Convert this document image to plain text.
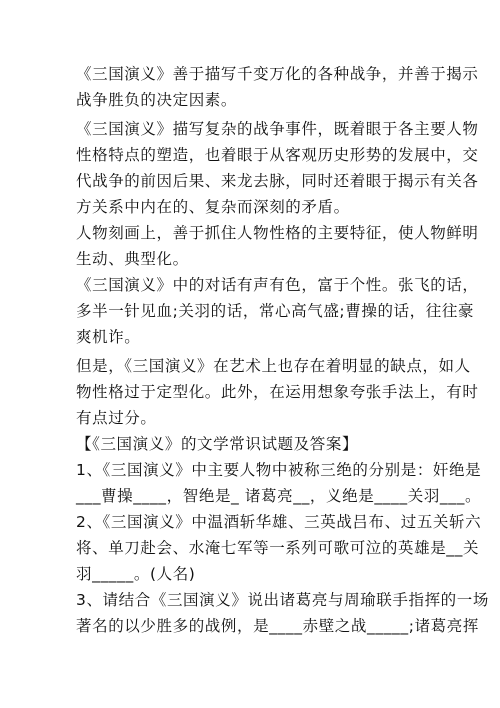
《三国演义》善于描写千变万化的各种战争，并善于揭示
战争胜负的决定因素。
《三国演义》描写复杂的战争事件，既着眼于各主要人物
性格特点的塑造，也着眼于从客观历史形势的发展中，交
代战争的前因后果、来龙去脉，同时还着眼于揭示有关各
方关系中内在的、复杂而深刻的矛盾。
人物刻画上，善于抓住人物性格的主要特征，使人物鲜明
生动、典型化。
《三国演义》中的对话有声有色，富于个性。张飞的话，
多半一针见血;关羽的话，常心高气盛;曹操的话，往往豪
爽机诈。
但是，《三国演义》在艺术上也存在着明显的缺点，如人
物性格过于定型化。此外，在运用想象夸张手法上，有时
有点过分。
【《三国演义》的文学常识试题及答案】
1、《三国演义》中主要人物中被称三绝的分别是：奸绝是
___曹操____，智绝是_ 诸葛亮__，义绝是____关羽___。
2、《三国演义》中温酒斩华雄、三英战吕布、过五关斩六
将、单刀赴会、水淹七军等一系列可歌可泣的英雄是__关
羽_____。(人名)
3、请结合《三国演义》说出诸葛亮与周瑜联手指挥的一场
著名的以少胜多的战例，是____赤壁之战_____;诸葛亮挥
